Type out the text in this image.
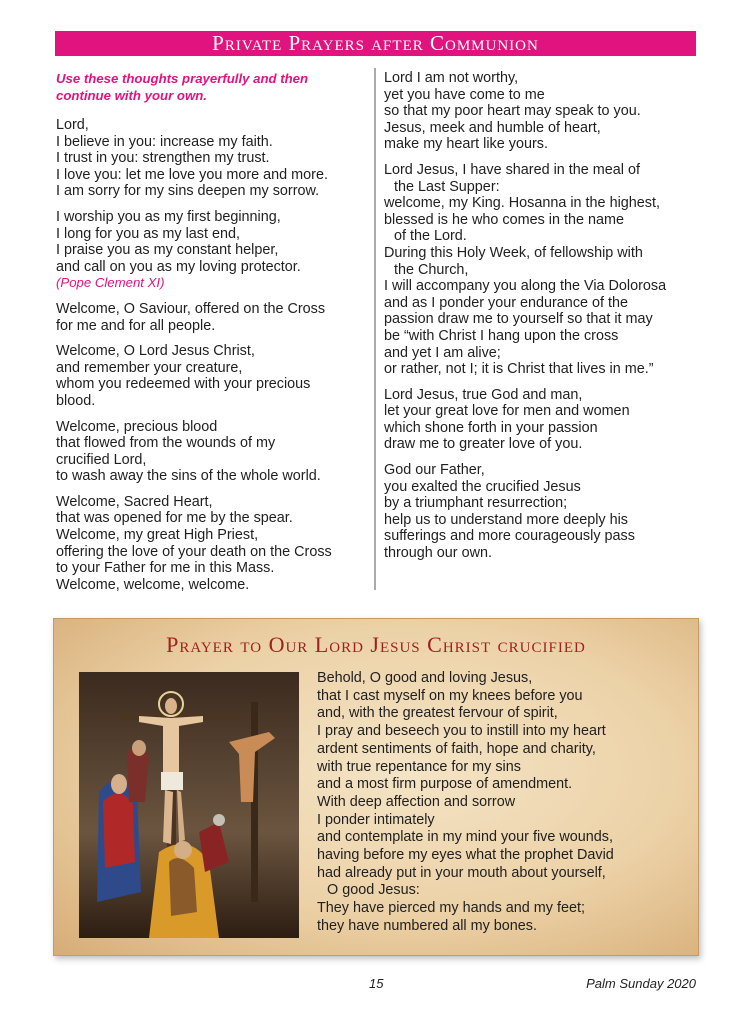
Private Prayers after Communion
Use these thoughts prayerfully and then
continue with your own.
Lord,
I believe in you: increase my faith.
I trust in you: strengthen my trust.
I love you: let me love you more and more.
I am sorry for my sins deepen my sorrow.
I worship you as my first beginning,
I long for you as my last end,
I praise you as my constant helper,
and call on you as my loving protector.
(Pope Clement XI)
Welcome, O Saviour, offered on the Cross
for me and for all people.
Welcome, O Lord Jesus Christ,
and remember your creature,
whom you redeemed with your precious
blood.
Welcome, precious blood
that flowed from the wounds of my
crucified Lord,
to wash away the sins of the whole world.
Welcome, Sacred Heart,
that was opened for me by the spear.
Welcome, my great High Priest,
offering the love of your death on the Cross
to your Father for me in this Mass.
Welcome, welcome, welcome.
Lord I am not worthy,
yet you have come to me
so that my poor heart may speak to you.
Jesus, meek and humble of heart,
make my heart like yours.
Lord Jesus, I have shared in the meal of
the Last Supper:
welcome, my King. Hosanna in the highest,
blessed is he who comes in the name
of the Lord.
During this Holy Week, of fellowship with
the Church,
I will accompany you along the Via Dolorosa
and as I ponder your endurance of the
passion draw me to yourself so that it may
be “with Christ I hang upon the cross
and yet I am alive;
or rather, not I; it is Christ that lives in me.”
Lord Jesus, true God and man,
let your great love for men and women
which shone forth in your passion
draw me to greater love of you.
God our Father,
you exalted the crucified Jesus
by a triumphant resurrection;
help us to understand more deeply his
sufferings and more courageously pass
through our own.
Prayer to Our Lord Jesus Christ crucified
Behold, O good and loving Jesus,
that I cast myself on my knees before you
and, with the greatest fervour of spirit,
I pray and beseech you to instill into my heart
ardent sentiments of faith, hope and charity,
with true repentance for my sins
and a most firm purpose of amendment.
With deep affection and sorrow
I ponder intimately
and contemplate in my mind your five wounds,
having before my eyes what the prophet David
had already put in your mouth about yourself,
O good Jesus:
They have pierced my hands and my feet;
they have numbered all my bones.
15	Palm Sunday 2020
